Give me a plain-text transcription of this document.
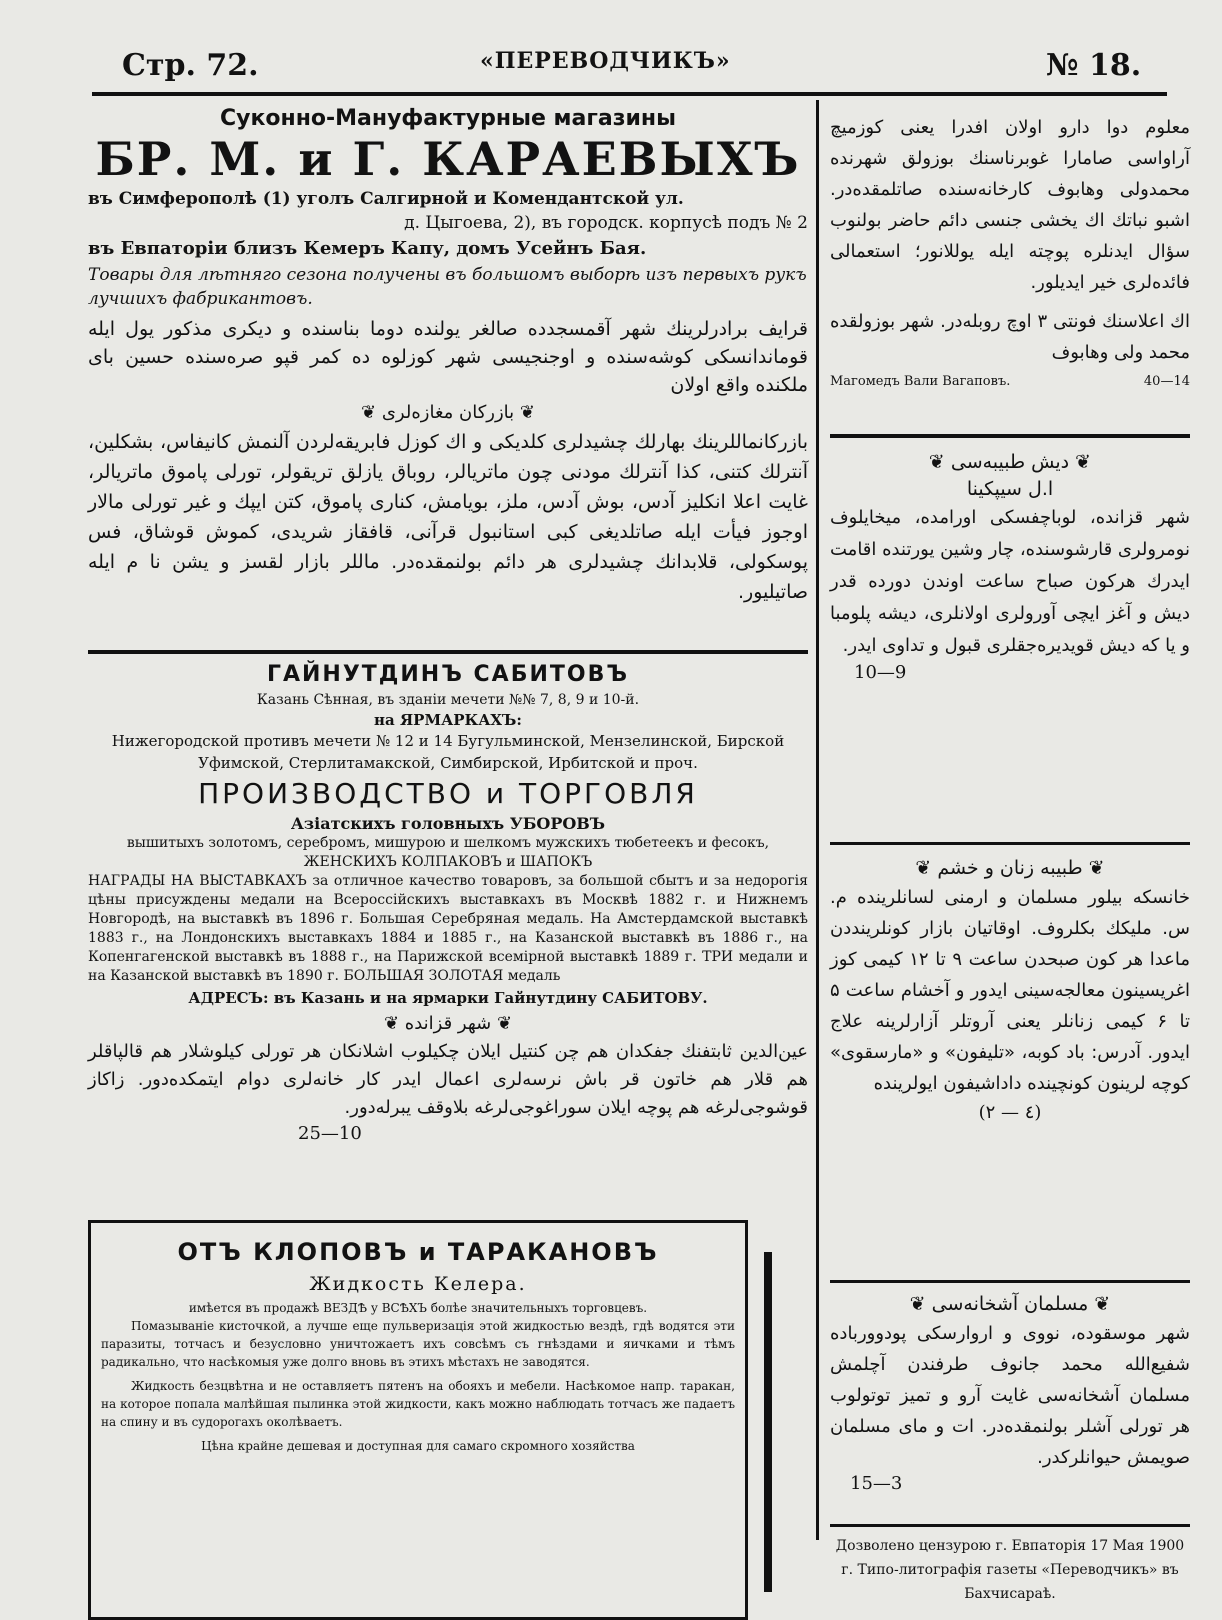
Стр. 72.	«ПЕРЕВОДЧИКЪ»	№ 18.

Суконно-Мануфактурные магазины

БР. М. и Г. КАРАЕВЫХЪ

въ Симферополѣ (1) уголъ Салгирной и Комендантской ул.

д. Цыгоева, 2), въ городск. корпусѣ подъ № 2

въ Евпаторіи близъ Кемеръ Капу, домъ Усейнъ Бая.

Товары для лѣтняго сезона получены въ большомъ выборѣ изъ первыхъ рукъ лучшихъ фабрикантовъ.

قرایف برادرلرینك شهر آقمسجدده صالغر یولنده دوما بناسنده و دیکری مذکور یول ایله قوماندانسکی کوشه‌سنده و اوجنجیسی شهر کوزلوه ده کمر قپو صره‌سنده حسین بای ملکنده واقع اولان

❦ بازرکان مغازه‌لری ❦

بازرکانماللرینك بهارلك چشیدلری کلدیکی و اك کوزل فابریقه‌لردن آلنمش کانیفاس، بشکلین، آنترلك کتنی، کذا آنترلك مودنی چون ماتریالر، روباق یازلق تریقولر، تورلی پاموق ماتریالر، غایت اعلا انکلیز آدس، بوش آدس، ملز، بویامش، کناری پاموق، کتن ایپك و غیر تورلی مالار اوجوز فیأت ایله صاتلدیغی کبی استانبول قرآنی، قافقاز شریدی، کموش قوشاق، فس پوسکولی، قلابدانك چشیدلری هر دائم بولنمقده‌در. ماللر بازار لقسز و یشن نا م ایله صاتیلیور.

ГАЙНУТДИНЪ САБИТОВЪ

Казань Сѣнная, въ зданіи мечети №№ 7, 8, 9 и 10-й.

на ЯРМАРКАХЪ:

Нижегородской противъ мечети № 12 и 14 Бугульминской, Мензелинской, Бирской Уфимской, Стерлитамакской, Симбирской, Ирбитской и проч.

ПРОИЗВОДСТВО и ТОРГОВЛЯ

Азіатскихъ головныхъ УБОРОВЪ

вышитыхъ золотомъ, серебромъ, мишурою и шелкомъ мужскихъ тюбетеекъ и фесокъ, ЖЕНСКИХЪ КОЛПАКОВЪ и ШАПОКЪ

НАГРАДЫ НА ВЫСТАВКАХЪ за отличное качество товаровъ, за большой сбытъ и за недорогія цѣны присуждены медали на Всероссійскихъ выставкахъ въ Москвѣ 1882 г. и Нижнемъ Новгородѣ, на выставкѣ въ 1896 г. Большая Серебряная медаль. На Амстердамской выставкѣ 1883 г., на Лондонскихъ выставкахъ 1884 и 1885 г., на Казанской выставкѣ въ 1886 г., на Копенгагенской выставкѣ въ 1888 г., на Парижской всемірной выставкѣ 1889 г. ТРИ медали и на Казанской выставкѣ въ 1890 г. БОЛЬШАЯ ЗОЛОТАЯ медаль

АДРЕСЪ: въ Казань и на ярмарки Гайнутдину САБИТОВУ.

❦ شهر قزانده ❦

عین‌الدین ثابتفنك جفکدان هم چن کنتیل ایلان چکیلوب اشلانکان هر تورلی کیلوشلار هم قالپاقلر هم قلار هم خاتون قر باش نرسه‌لری اعمال ایدر کار خانه‌لری دوام ایتمکده‌دور. زاکاز قوشوجی‌لرغه هم پوچه ایلان سوراغوجی‌لرغه بلاوقف یبرله‌دور.

25—10

ОТЪ КЛОПОВЪ и ТАРАКАНОВЪ

Жидкость Келера.

имѣется въ продажѣ ВЕЗДѢ у ВСѢХЪ болѣе значительныхъ торговцевъ.

Помазываніе кисточкой, а лучше еще пульверизація этой жидкостью вездѣ, гдѣ водятся эти паразиты, тотчасъ и безусловно уничтожаетъ ихъ совсѣмъ съ гнѣздами и яичками и тѣмъ радикально, что насѣкомыя уже долго вновь въ этихъ мѣстахъ не заводятся.

Жидкость безцвѣтна и не оставляетъ пятенъ на обояхъ и мебели. Насѣкомое напр. таракан, на которое попала малѣйшая пылинка этой жидкости, какъ можно наблюдать тотчасъ же падаетъ на спину и въ судорогахъ околѣваетъ.

Цѣна крайне дешевая и доступная для самаго скромного хозяйства

معلوم دوا دارو اولان افدرا یعنی کوزمیچ آراواسی صامارا غوبرناسنك بوزولق شهرنده محمدولی وهابوف کارخانه‌سنده صاتلمقده‌در. اشبو نباتك اك یخشی جنسی دائم حاضر بولنوب سؤال ایدنلره پوچته ایله یوللانور؛ استعمالی فائده‌لری خیر ایدیلور.

اك اعلاسنك فونتی ۳ اوچ روبله‌در. شهر بوزولقده محمد ولی وهابوف

Магомедъ Вали Вагаповъ.	40—14

❦ دیش طبیبه‌سی ❦

ا.ل سیپکینا

شهر قزانده، لوباچفسکی اورامده، میخایلوف نومرولری قارشوسنده، چار وشین یورتنده اقامت ایدرك هرکون صباح ساعت اوندن دورده قدر دیش و آغز ایچی آورولری اولانلری، دیشه پلومبا و یا که دیش قویدیره‌جقلری قبول و تداوی ایدر.

10—9

❦ طبیبه زنان و خشم ❦

خانسکه بیلور مسلمان و ارمنی لسانلرینده م. س. ملیکك بکلروف. اوقاتیان بازار کونلرینددن ماعدا هر کون صبحدن ساعت ۹ تا ۱۲ کیمی کوز اغریسینون معالجه‌سینی ایدور و آخشام ساعت ۵ تا ۶ کیمی زنانلر یعنی آروتلر آزارلرینه علاج ایدور. آدرس: باد کوبه، «تلیفون» و «مارسقوی» کوچه لرینون کونچینده داداشیفون ایولرینده

(۲ — ٤)

❦ مسلمان آشخانه‌سی ❦

شهر موسقوده، نووی و اروارسکی پودوورباده شفیع‌الله محمد جانوف طرفندن آچلمش مسلمان آشخانه‌سی غایت آرو و تمیز توتولوب هر تورلی آشلر بولنمقده‌در. ات و مای مسلمان صویمش حیوانلرکدر.

15—3

Дозволено цензурою г. Евпаторія 17 Мая 1900 г. Типо-литографія газеты «Переводчикъ» въ Бахчисараѣ.
